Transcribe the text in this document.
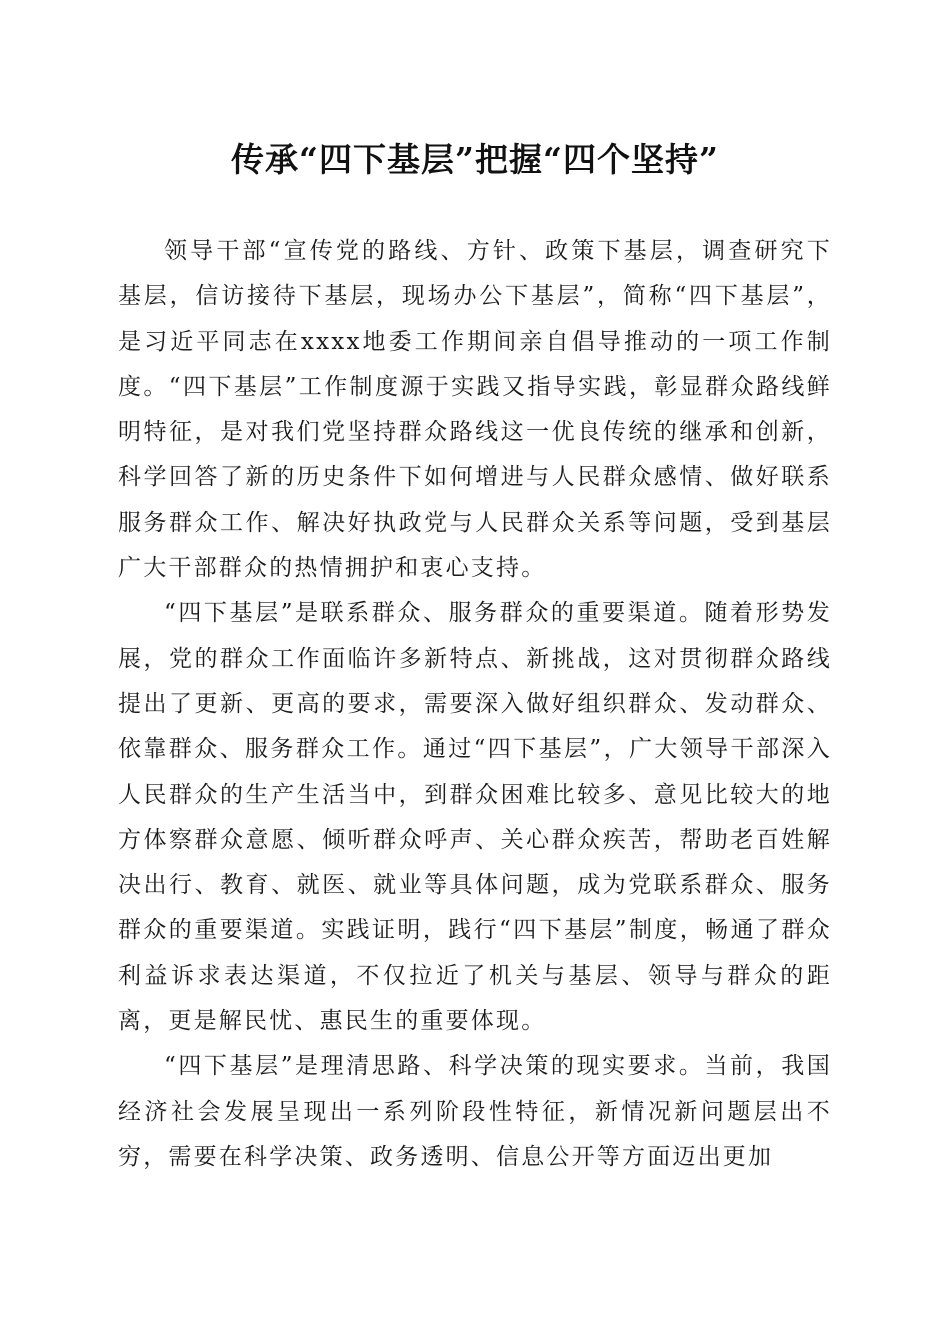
传承“四下基层”把握“四个坚持”

领导干部“宣传党的路线、方针、政策下基层，调查研究下基层，信访接待下基层，现场办公下基层”，简称“四下基层”，是习近平同志在xxxx地委工作期间亲自倡导推动的一项工作制度。“四下基层”工作制度源于实践又指导实践，彰显群众路线鲜明特征，是对我们党坚持群众路线这一优良传统的继承和创新，科学回答了新的历史条件下如何增进与人民群众感情、做好联系服务群众工作、解决好执政党与人民群众关系等问题，受到基层广大干部群众的热情拥护和衷心支持。

“四下基层”是联系群众、服务群众的重要渠道。随着形势发展，党的群众工作面临许多新特点、新挑战，这对贯彻群众路线提出了更新、更高的要求，需要深入做好组织群众、发动群众、依靠群众、服务群众工作。通过“四下基层”，广大领导干部深入人民群众的生产生活当中，到群众困难比较多、意见比较大的地方体察群众意愿、倾听群众呼声、关心群众疾苦，帮助老百姓解决出行、教育、就医、就业等具体问题，成为党联系群众、服务群众的重要渠道。实践证明，践行“四下基层”制度，畅通了群众利益诉求表达渠道，不仅拉近了机关与基层、领导与群众的距离，更是解民忧、惠民生的重要体现。

“四下基层”是理清思路、科学决策的现实要求。当前，我国经济社会发展呈现出一系列阶段性特征，新情况新问题层出不穷，需要在科学决策、政务透明、信息公开等方面迈出更加
